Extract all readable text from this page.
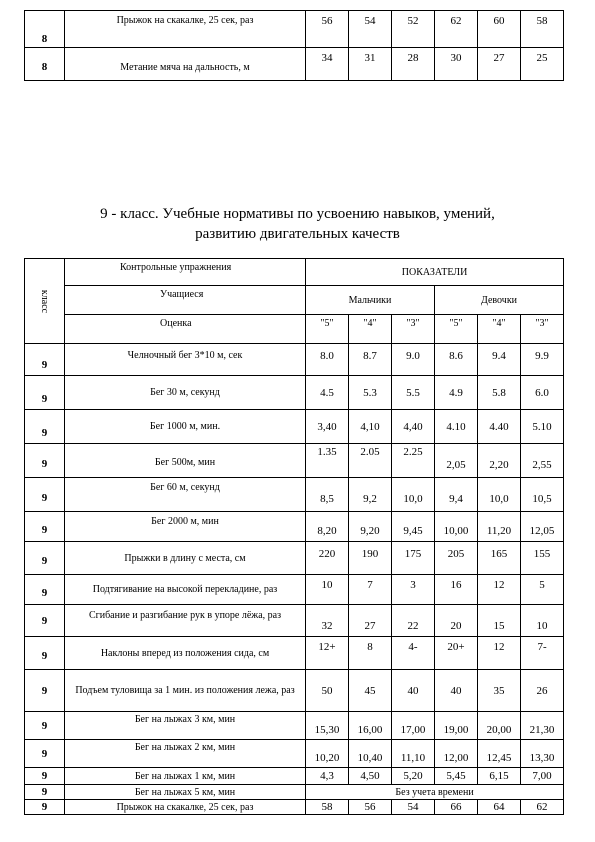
8	Прыжок на скакалке, 25 сек, раз	56	54	52	62	60	58
8	Метание мяча на дальность, м	34	31	28	30	27	25
9 - класс. Учебные нормативы по усвоению навыков, умений,
развитию двигательных качеств
класс	Контрольные упражнения	ПОКАЗАТЕЛИ					
	Учащиеся	Мальчики			Девочки		
	Оценка	"5"	"4"	"3"	"5"	"4"	"3"
9	Челночный бег 3*10 м, сек	8.0	8.7	9.0	8.6	9.4	9.9
9	Бег 30 м, секунд	4.5	5.3	5.5	4.9	5.8	6.0
9	Бег 1000 м, мин.	3,40	4,10	4,40	4.10	4.40	5.10
9	Бег 500м, мин	1.35	2.05	2.25	2,05	2,20	2,55
9	Бег 60 м, секунд	8,5	9,2	10,0	9,4	10,0	10,5
9	Бег 2000 м, мин	8,20	9,20	9,45	10,00	11,20	12,05
9	Прыжки в длину с места, см	220	190	175	205	165	155
9	Подтягивание на высокой перекладине, раз	10	7	3	16	12	5
9	Сгибание и разгибание рук в упоре лёжа, раз	32	27	22	20	15	10
9	Наклоны вперед из положения сида, см	12+	8	4-	20+	12	7-
9	Подъем туловища за 1 мин. из положения лежа, раз	50	45	40	40	35	26
9	Бег на лыжах 3 км, мин	15,30	16,00	17,00	19,00	20,00	21,30
9	Бег на лыжах 2 км, мин	10,20	10,40	11,10	12,00	12,45	13,30
9	Бег на лыжах 1 км, мин	4,3	4,50	5,20	5,45	6,15	7,00
9	Бег на лыжах 5 км, мин	Без учета времени					
9	Прыжок на скакалке, 25 сек, раз	58	56	54	66	64	62
